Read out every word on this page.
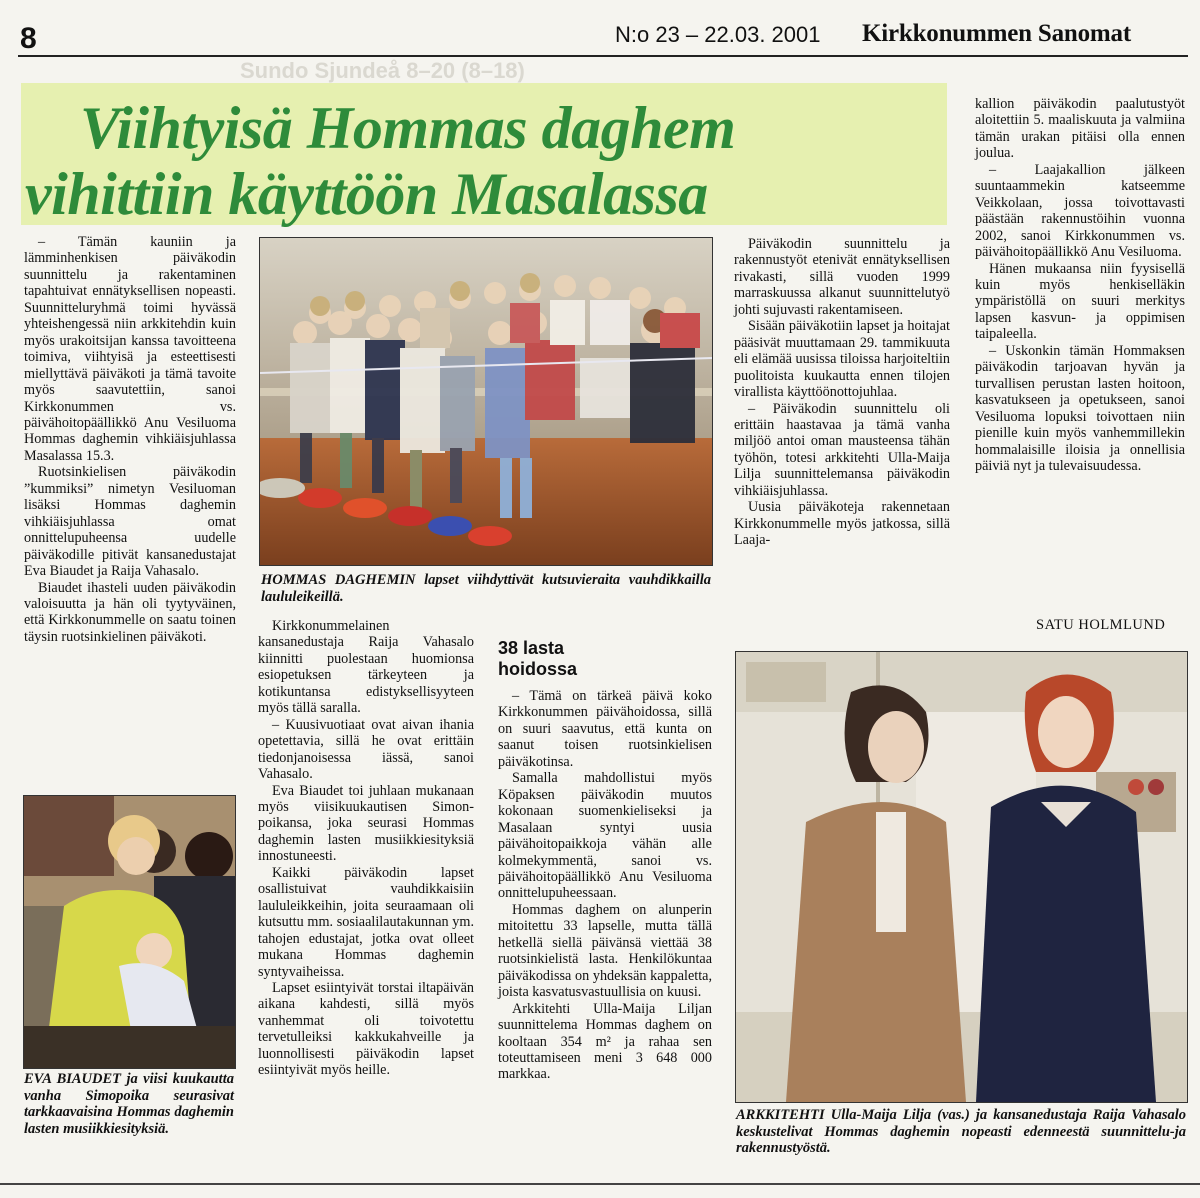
8	N:o 23 – 22.03. 2001 Kirkkonummen Sanomat
Sundo Sjundeå 8–20 (8–18)
Viihtyisä Hommas daghem
vihittiin käyttöön Masalassa

– Tämän kauniin ja lämminhenkisen päiväkodin suunnittelu ja rakentaminen tapahtuivat ennätyksellisen nopeasti. Suunnitteluryhmä toimi hyvässä yhteishengessä niin arkkitehdin kuin myös urakoitsijan kanssa tavoitteena toimiva, viihtyisä ja esteettisesti miellyttävä päiväkoti ja tämä tavoite myös saavutettiin, sanoi Kirkkonummen vs. päivähoitopäällikkö Anu Vesiluoma Hommas daghemin vihkiäisjuhlassa Masalassa 15.3.

Ruotsinkielisen päiväkodin ”kummiksi” nimetyn Vesiluoman lisäksi Hommas daghemin vihkiäisjuhlassa omat onnittelupuheensa uudelle päiväkodille pitivät kansanedustajat Eva Biaudet ja Raija Vahasalo.

Biaudet ihasteli uuden päiväkodin valoisuutta ja hän oli tyytyväinen, että Kirkkonummelle on saatu toinen täysin ruotsinkielinen päiväkoti.

HOMMAS DAGHEMIN lapset viihdyttivät kutsuvieraita vauhdikkailla laululeikeillä.

Kirkkonummelainen kansanedustaja Raija Vahasalo kiinnitti puolestaan huomionsa esiopetuksen tärkeyteen ja kotikuntansa edistyksellisyyteen myös tällä saralla.

– Kuusivuotiaat ovat aivan ihania opetettavia, sillä he ovat erittäin tiedonjanoisessa iässä, sanoi Vahasalo.

Eva Biaudet toi juhlaan mukanaan myös viisikuukautisen Simon-poikansa, joka seurasi Hommas daghemin lasten musiikkiesityksiä innostuneesti.

Kaikki päiväkodin lapset osallistuivat vauhdikkaisiin laululeikkeihin, joita seuraamaan oli kutsuttu mm. sosiaalilautakunnan ym. tahojen edustajat, jotka ovat olleet mukana Hommas daghemin syntyvaiheissa.

Lapset esiintyivät torstai iltapäivän aikana kahdesti, sillä myös vanhemmat oli toivotettu tervetulleiksi kakkukahveille ja luonnollisesti päiväkodin lapset esiintyivät myös heille.

38 lasta hoidossa

– Tämä on tärkeä päivä koko Kirkkonummen päivähoidossa, sillä on suuri saavutus, että kunta on saanut toisen ruotsinkielisen päiväkotinsa.

Samalla mahdollistui myös Köpaksen päiväkodin muutos kokonaan suomenkieliseksi ja Masalaan syntyi uusia päivähoitopaikkoja vähän alle kolmekymmentä, sanoi vs. päivähoitopäällikkö Anu Vesiluoma onnittelupuheessaan.

Hommas daghem on alunperin mitoitettu 33 lapselle, mutta tällä hetkellä siellä päivänsä viettää 38 ruotsinkielistä lasta. Henkilökuntaa päiväkodissa on yhdeksän kappaletta, joista kasvatusvastuullisia on kuusi.

Arkkitehti Ulla-Maija Liljan suunnittelema Hommas daghem on kooltaan 354 m² ja rahaa sen toteuttamiseen meni 3 648 000 markkaa.

Päiväkodin suunnittelu ja rakennustyöt etenivät ennätyksellisen rivakasti, sillä vuoden 1999 marraskuussa alkanut suunnittelutyö johti sujuvasti rakentamiseen.

Sisään päiväkotiin lapset ja hoitajat pääsivät muuttamaan 29. tammikuuta eli elämää uusissa tiloissa harjoiteltiin puolitoista kuukautta ennen tilojen virallista käyttöönottojuhlaa.

– Päiväkodin suunnittelu oli erittäin haastavaa ja tämä vanha miljöö antoi oman mausteensa tähän työhön, totesi arkkitehti Ulla-Maija Lilja suunnittelemansa päiväkodin vihkiäisjuhlassa.

Uusia päiväkoteja rakennetaan Kirkkonummelle myös jatkossa, sillä Laaja-

kallion päiväkodin paalutustyöt aloitettiin 5. maaliskuuta ja valmiina tämän urakan pitäisi olla ennen joulua.

– Laajakallion jälkeen suuntaammekin katseemme Veikkolaan, jossa toivottavasti päästään rakennustöihin vuonna 2002, sanoi Kirkkonummen vs. päivähoitopäällikkö Anu Vesiluoma.

Hänen mukaansa niin fyysisellä kuin myös henkiselläkin ympäristöllä on suuri merkitys lapsen kasvun- ja oppimisen taipaleella.

– Uskonkin tämän Hommaksen päiväkodin tarjoavan hyvän ja turvallisen perustan lasten hoitoon, kasvatukseen ja opetukseen, sanoi Vesiluoma lopuksi toivottaen niin pienille kuin myös vanhemmillekin hommalaisille iloisia ja onnellisia päiviä nyt ja tulevaisuudessa.

SATU HOLMLUND
EVA BIAUDET ja viisi kuukautta vanha Simopoika seurasivat tarkkaavaisina Hommas daghemin lasten musiikkiesityksiä.
ARKKITEHTI Ulla-Maija Lilja (vas.) ja kansanedustaja Raija Vahasalo keskustelivat Hommas daghemin nopeasti edenneestä suunnittelu-ja rakennustyöstä.
